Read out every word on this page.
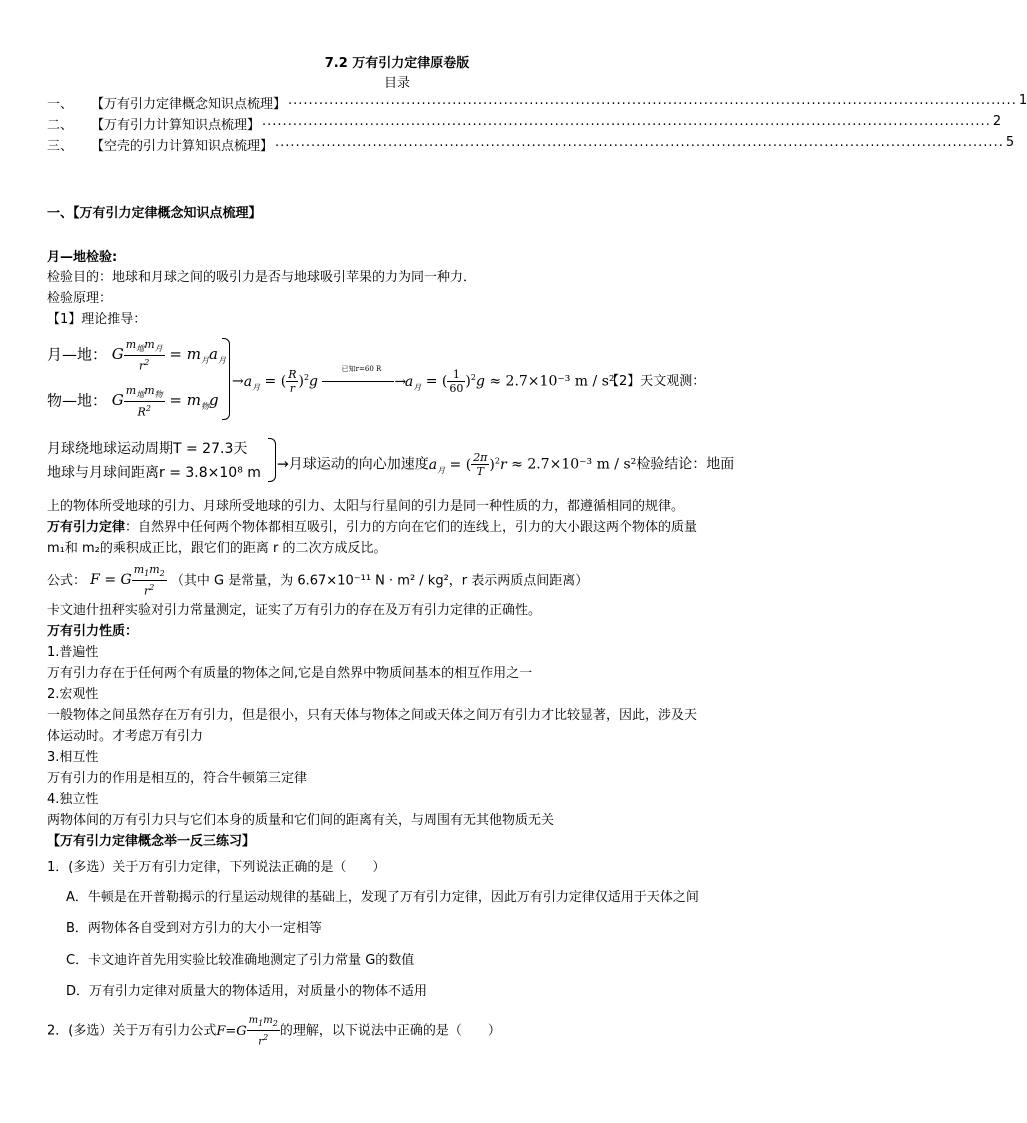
7.2 万有引力定律原卷版
目录
一、 【万有引力定律概念知识点梳理】 .............................................................................................................................................. 1
二、 【万有引力计算知识点梳理】 .............................................................................................................................................. 2
三、 【空壳的引力计算知识点梳理】 .............................................................................................................................................. 5
一、【万有引力定律概念知识点梳理】
月—地检验:
检验目的：地球和月球之间的吸引力是否与地球吸引苹果的力为同一种力．
检验原理：
【1】理论推导：
月—地： G $\frac{m_地m_月}{r^2} = m_月a_月$
物—地： G $\frac{m_地m_物}{R^2} = m_物g$
$\to a_月$ = ( $\frac{R}{r} )^2g$
已知r=60 R
→ $a_月$ = ( $\frac{1}{60} )^2g \approx 2.7\times 10^{-3}$ m / s²
【2】天文观测：
月球绕地球运动周期T = 27.3天
地球与月球间距离r = 3.8×10⁸ m
→月球运动的向心加速度$a_月$ = ( $\frac{2\pi}{T} )^2r \approx 2.7\times 10^{-3}$ m / s²检验结论：地面
上的物体所受地球的引力、月球所受地球的引力、太阳与行星间的引力是同一种性质的力，都遵循相同的规律。
万有引力定律：自然界中任何两个物体都相互吸引，引力的方向在它们的连线上，引力的大小跟这两个物体的质量
m₁和 m₂的乘积成正比，跟它们的距离 r 的二次方成反比。
公式： F = G $\frac{m_1m_2}{r^2}$ （其中 G 是常量，为 6.67×10⁻¹¹ N · m² / kg²，r 表示两质点间距离）
卡文迪什扭秤实验对引力常量测定，证实了万有引力的存在及万有引力定律的正确性。
万有引力性质：
1.普遍性
万有引力存在于任何两个有质量的物体之间,它是自然界中物质间基本的相互作用之一
2.宏观性
一般物体之间虽然存在万有引力，但是很小，只有天体与物体之间或天体之间万有引力才比较显著，因此，涉及天
体运动时。才考虑万有引力
3.相互性
万有引力的作用是相互的，符合牛顿第三定律
4.独立性
两物体间的万有引力只与它们本身的质量和它们间的距离有关，与周围有无其他物质无关
【万有引力定律概念举一反三练习】
1．(多选）关于万有引力定律，下列说法正确的是（　　）
A．牛顿是在开普勒揭示的行星运动规律的基础上，发现了万有引力定律，因此万有引力定律仅适用于天体之间
B．两物体各自受到对方引力的大小一定相等
C．卡文迪许首先用实验比较准确地测定了引力常量 G的数值
D．万有引力定律对质量大的物体适用，对质量小的物体不适用
2．(多选）关于万有引力公式$F=G \frac{m_1m_2}{r^2}$ 的理解，以下说法中正确的是（　　）
